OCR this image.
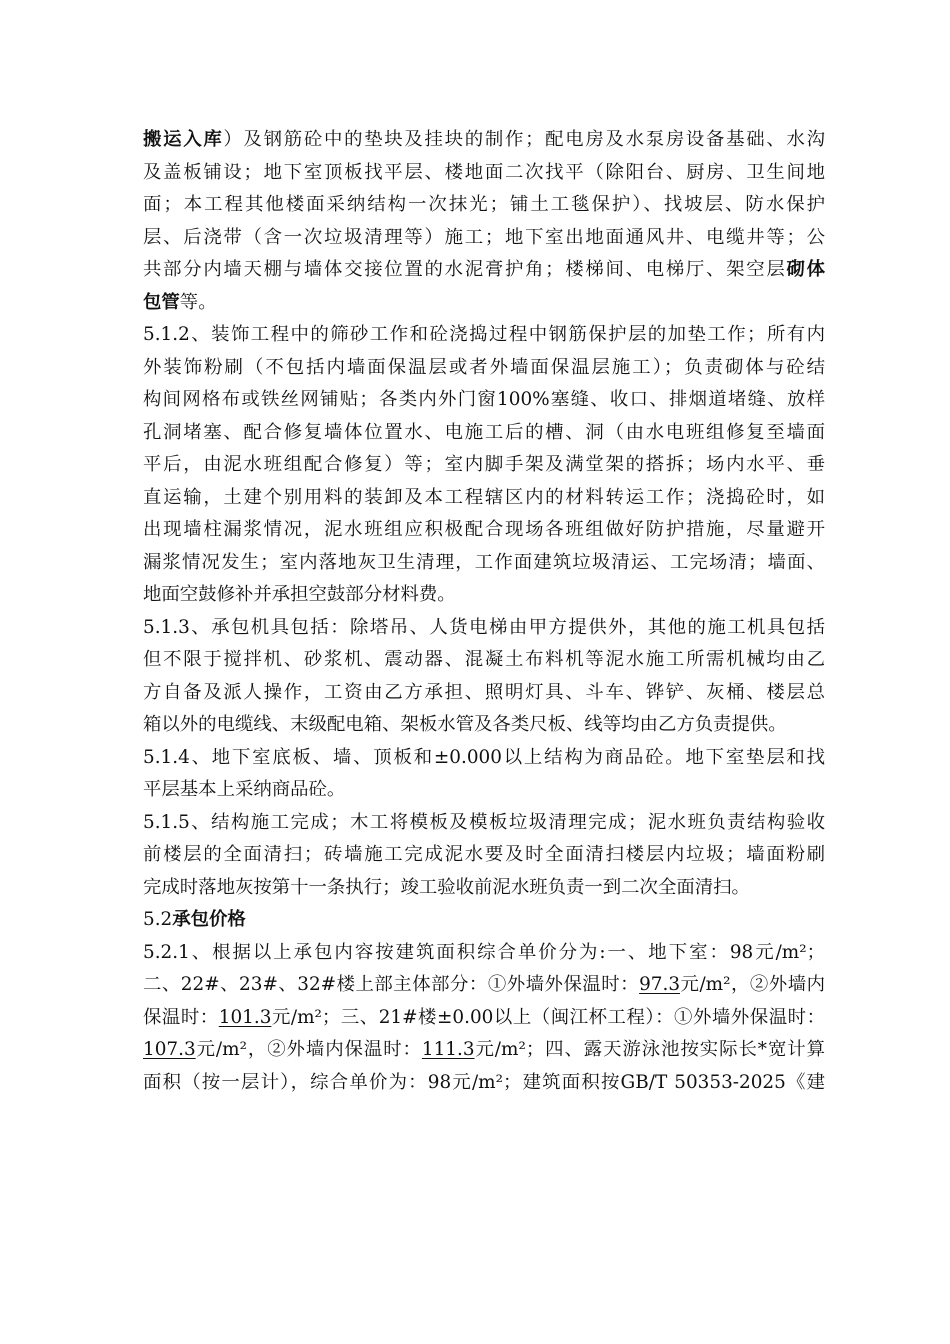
搬运入库）及钢筋砼中的垫块及挂块的制作；配电房及水泵房设备基础、水沟
及盖板铺设；地下室顶板找平层、楼地面二次找平（除阳台、厨房、卫生间地
面；本工程其他楼面采纳结构一次抹光；铺土工毯保护）、找坡层、防水保护
层、后浇带（含一次垃圾清理等）施工；地下室出地面通风井、电缆井等；公
共部分内墙天棚与墙体交接位置的水泥膏护角；楼梯间、电梯厅、架空层砌体
包管等。
5.1.2、装饰工程中的筛砂工作和砼浇捣过程中钢筋保护层的加垫工作；所有内
外装饰粉刷（不包括内墙面保温层或者外墙面保温层施工）；负责砌体与砼结
构间网格布或铁丝网铺贴；各类内外门窗100%塞缝、收口、排烟道堵缝、放样
孔洞堵塞、配合修复墙体位置水、电施工后的槽、洞（由水电班组修复至墙面
平后，由泥水班组配合修复）等；室内脚手架及满堂架的搭拆；场内水平、垂
直运输，土建个别用料的装卸及本工程辖区内的材料转运工作；浇捣砼时，如
出现墙柱漏浆情况，泥水班组应积极配合现场各班组做好防护措施，尽量避开
漏浆情况发生；室内落地灰卫生清理，工作面建筑垃圾清运、工完场清；墙面、
地面空鼓修补并承担空鼓部分材料费。
5.1.3、承包机具包括：除塔吊、人货电梯由甲方提供外，其他的施工机具包括
但不限于搅拌机、砂浆机、震动器、混凝土布料机等泥水施工所需机械均由乙
方自备及派人操作，工资由乙方承担、照明灯具、斗车、铧铲、灰桶、楼层总
箱以外的电缆线、末级配电箱、架板水管及各类尺板、线等均由乙方负责提供。
5.1.4、地下室底板、墙、顶板和±0.000以上结构为商品砼。地下室垫层和找
平层基本上采纳商品砼。
5.1.5、结构施工完成；木工将模板及模板垃圾清理完成；泥水班负责结构验收
前楼层的全面清扫；砖墙施工完成泥水要及时全面清扫楼层内垃圾；墙面粉刷
完成时落地灰按第十一条执行；竣工验收前泥水班负责一到二次全面清扫。
5.2承包价格
5.2.1、根据以上承包内容按建筑面积综合单价分为:一、地下室：98元/m²；
二、22#、23#、32#楼上部主体部分：①外墙外保温时：97.3元/m²，②外墙内
保温时：101.3元/m²；三、21#楼±0.00以上（闽江杯工程）：①外墙外保温时：
107.3元/m²，②外墙内保温时：111.3元/m²；四、露天游泳池按实际长*宽计算
面积（按一层计），综合单价为：98元/m²；建筑面积按GB/T 50353-2025《建
